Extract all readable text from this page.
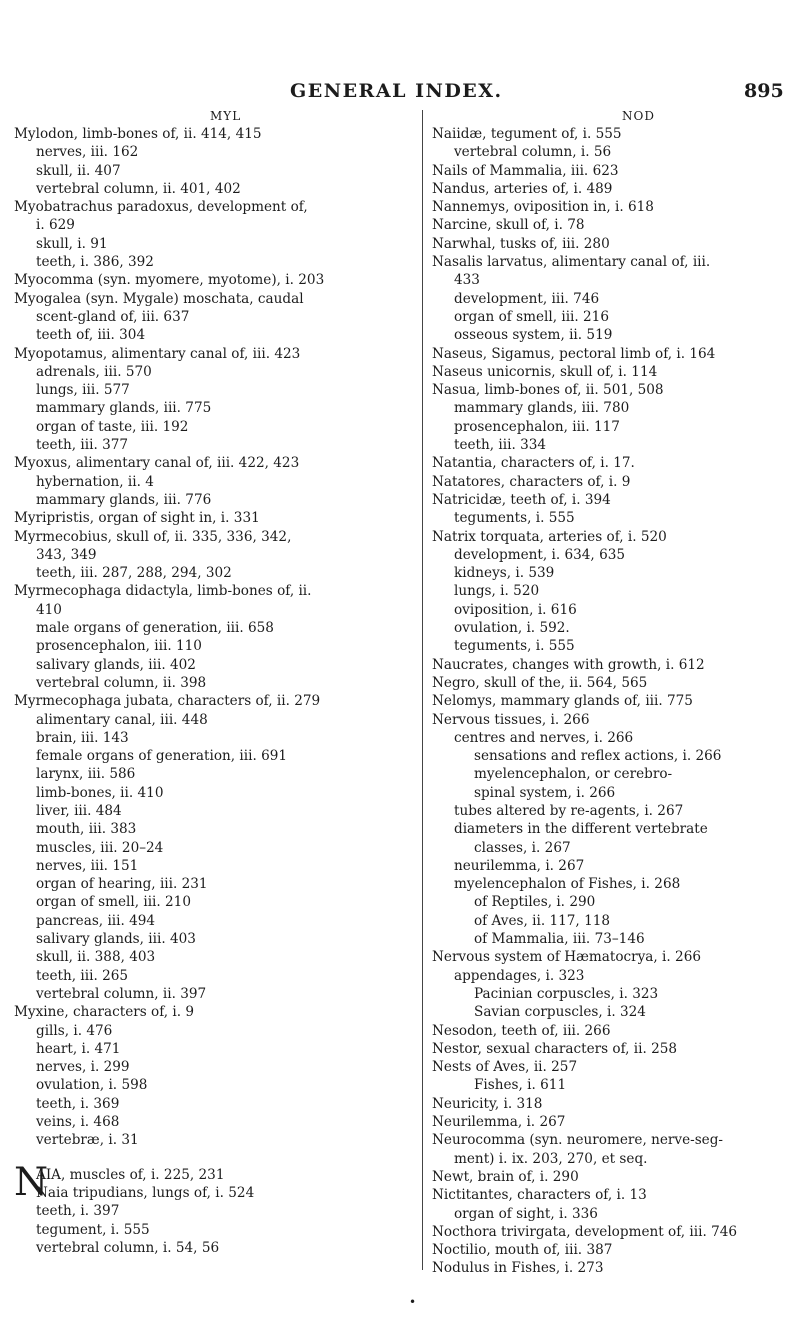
GENERAL INDEX.	895
MYL	NOD
Mylodon, limb-bones of, ii. 414, 415
nerves, iii. 162
skull, ii. 407
vertebral column, ii. 401, 402
Myobatrachus paradoxus, development of,
i. 629
skull, i. 91
teeth, i. 386, 392
Myocomma (syn. myomere, myotome), i. 203
Myogalea (syn. Mygale) moschata, caudal
scent-gland of, iii. 637
teeth of, iii. 304
Myopotamus, alimentary canal of, iii. 423
adrenals, iii. 570
lungs, iii. 577
mammary glands, iii. 775
organ of taste, iii. 192
teeth, iii. 377
Myoxus, alimentary canal of, iii. 422, 423
hybernation, ii. 4
mammary glands, iii. 776
Myripristis, organ of sight in, i. 331
Myrmecobius, skull of, ii. 335, 336, 342,
343, 349
teeth, iii. 287, 288, 294, 302
Myrmecophaga didactyla, limb-bones of, ii.
410
male organs of generation, iii. 658
prosencephalon, iii. 110
salivary glands, iii. 402
vertebral column, ii. 398
Myrmecophaga jubata, characters of, ii. 279
alimentary canal, iii. 448
brain, iii. 143
female organs of generation, iii. 691
larynx, iii. 586
limb-bones, ii. 410
liver, iii. 484
mouth, iii. 383
muscles, iii. 20–24
nerves, iii. 151
organ of hearing, iii. 231
organ of smell, iii. 210
pancreas, iii. 494
salivary glands, iii. 403
skull, ii. 388, 403
teeth, iii. 265
vertebral column, ii. 397
Myxine, characters of, i. 9
gills, i. 476
heart, i. 471
nerves, i. 299
ovulation, i. 598
teeth, i. 369
veins, i. 468
vertebræ, i. 31
N
AIA, muscles of, i. 225, 231
Naia tripudians, lungs of, i. 524
teeth, i. 397
tegument, i. 555
vertebral column, i. 54, 56
Naiidæ, tegument of, i. 555
vertebral column, i. 56
Nails of Mammalia, iii. 623
Nandus, arteries of, i. 489
Nannemys, oviposition in, i. 618
Narcine, skull of, i. 78
Narwhal, tusks of, iii. 280
Nasalis larvatus, alimentary canal of, iii.
433
development, iii. 746
organ of smell, iii. 216
osseous system, ii. 519
Naseus, Sigamus, pectoral limb of, i. 164
Naseus unicornis, skull of, i. 114
Nasua, limb-bones of, ii. 501, 508
mammary glands, iii. 780
prosencephalon, iii. 117
teeth, iii. 334
Natantia, characters of, i. 17.
Natatores, characters of, i. 9
Natricidæ, teeth of, i. 394
teguments, i. 555
Natrix torquata, arteries of, i. 520
development, i. 634, 635
kidneys, i. 539
lungs, i. 520
oviposition, i. 616
ovulation, i. 592.
teguments, i. 555
Naucrates, changes with growth, i. 612
Negro, skull of the, ii. 564, 565
Nelomys, mammary glands of, iii. 775
Nervous tissues, i. 266
centres and nerves, i. 266
sensations and reflex actions, i. 266
myelencephalon, or cerebro-
spinal system, i. 266
tubes altered by re-agents, i. 267
diameters in the different vertebrate
classes, i. 267
neurilemma, i. 267
myelencephalon of Fishes, i. 268
of Reptiles, i. 290
of Aves, ii. 117, 118
of Mammalia, iii. 73–146
Nervous system of Hæmatocrya, i. 266
appendages, i. 323
Pacinian corpuscles, i. 323
Savian corpuscles, i. 324
Nesodon, teeth of, iii. 266
Nestor, sexual characters of, ii. 258
Nests of Aves, ii. 257
Fishes, i. 611
Neuricity, i. 318
Neurilemma, i. 267
Neurocomma (syn. neuromere, nerve-seg-
ment) i. ix. 203, 270, et seq.
Newt, brain of, i. 290
Nictitantes, characters of, i. 13
organ of sight, i. 336
Nocthora trivirgata, development of, iii. 746
Noctilio, mouth of, iii. 387
Nodulus in Fishes, i. 273
•
